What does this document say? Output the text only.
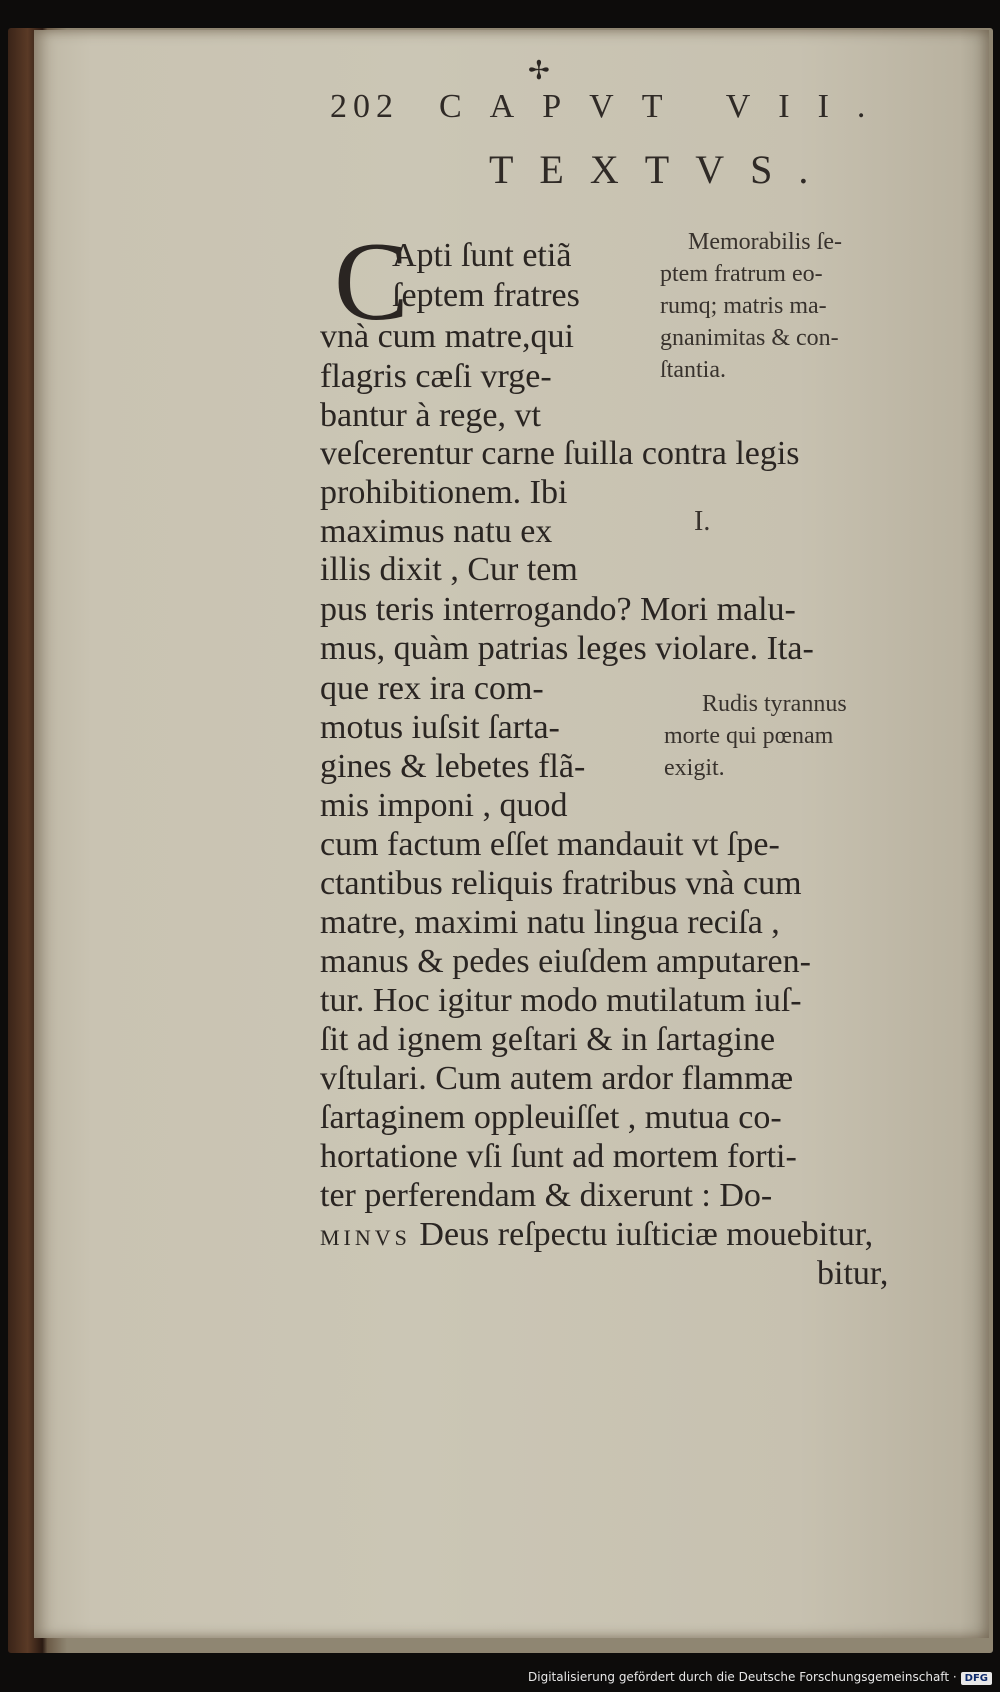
✢
202 CAPVT VII.
TEXTVS.
C

Apti ſunt etiã

ſeptem fratres

vnà cum matre,qui

flagris cæſi vrge-

bantur à rege, vt

veſcerentur carne ſuilla contra legis

prohibitionem. Ibi

maximus natu ex

illis dixit , Cur tem

pus teris interrogando? Mori malu-

mus, quàm patrias leges violare. Ita-

que rex ira com-

motus iuſsit ſarta-

gines & lebetes flã-

mis imponi , quod

cum factum eſſet mandauit vt ſpe-

ctantibus reliquis fratribus vnà cum

matre, maximi natu lingua reciſa ,

manus & pedes eiuſdem amputaren-

tur. Hoc igitur modo mutilatum iuſ-

ſit ad ignem geſtari & in ſartagine

vſtulari. Cum autem ardor flammæ

ſartaginem oppleuiſſet , mutua co-

hortatione vſi ſunt ad mortem forti-

ter perferendam & dixerunt : Do-

MINVS Deus reſpectu iuſticiæ mouebitur,

bitur,

Memorabilis ſe-

ptem fratrum eo-

rumq; matris ma-

gnanimitas & con-

ſtantia.

I.

Rudis tyrannus

morte qui pœnam

exigit.

Digitalisierung gefördert durch die Deutsche Forschungsgemeinschaft · DFG
